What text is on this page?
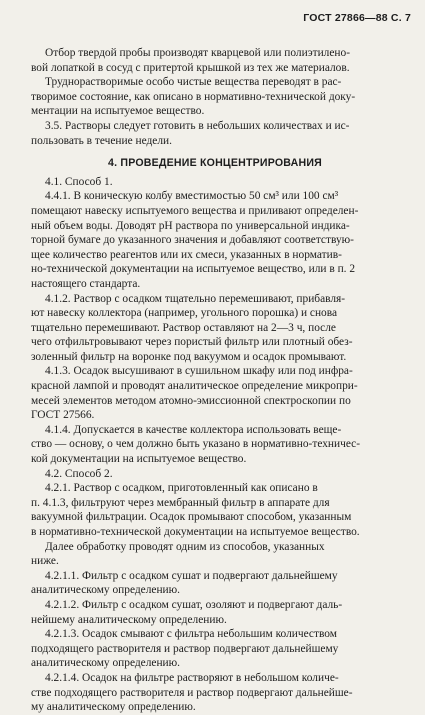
ГОСТ 27866—88 С. 7
Отбор твердой пробы производят кварцевой или полиэтилено-
вой лопаткой в сосуд с притертой крышкой из тех же материалов.
Труднорастворимые особо чистые вещества переводят в рас-
творимое состояние, как описано в нормативно-технической доку-
ментации на испытуемое вещество.
3.5. Растворы следует готовить в небольших количествах и ис-
пользовать в течение недели.
4. ПРОВЕДЕНИЕ КОНЦЕНТРИРОВАНИЯ
4.1. Способ 1.
4.4.1. В коническую колбу вместимостью 50 см³ или 100 см³
помещают навеску испытуемого вещества и приливают определен-
ный объем воды. Доводят рН раствора по универсальной индика-
торной бумаге до указанного значения и добавляют соответствую-
щее количество реагентов или их смеси, указанных в норматив-
но-технической документации на испытуемое вещество, или в п. 2
настоящего стандарта.
4.1.2. Раствор с осадком тщательно перемешивают, прибавля-
ют навеску коллектора (например, угольного порошка) и снова
тщательно перемешивают. Раствор оставляют на 2—3 ч, после
чего отфильтровывают через пористый фильтр или плотный обез-
золенный фильтр на воронке под вакуумом и осадок промывают.
4.1.3. Осадок высушивают в сушильном шкафу или под инфра-
красной лампой и проводят аналитическое определение микропри-
месей элементов методом атомно-эмиссионной спектроскопии по
ГОСТ 27566.
4.1.4. Допускается в качестве коллектора использовать веще-
ство — основу, о чем должно быть указано в нормативно-техничес-
кой документации на испытуемое вещество.
4.2. Способ 2.
4.2.1. Раствор с осадком, приготовленный как описано в
п. 4.1.3, фильтруют через мембранный фильтр в аппарате для
вакуумной фильтрации. Осадок промывают способом, указанным
в нормативно-технической документации на испытуемое вещество.
Далее обработку проводят одним из способов, указанных
ниже.
4.2.1.1. Фильтр с осадком сушат и подвергают дальнейшему
аналитическому определению.
4.2.1.2. Фильтр с осадком сушат, озоляют и подвергают даль-
нейшему аналитическому определению.
4.2.1.3. Осадок смывают с фильтра небольшим количеством
подходящего растворителя и раствор подвергают дальнейшему
аналитическому определению.
4.2.1.4. Осадок на фильтре растворяют в небольшом количе-
стве подходящего растворителя и раствор подвергают дальнейше-
му аналитическому определению.
